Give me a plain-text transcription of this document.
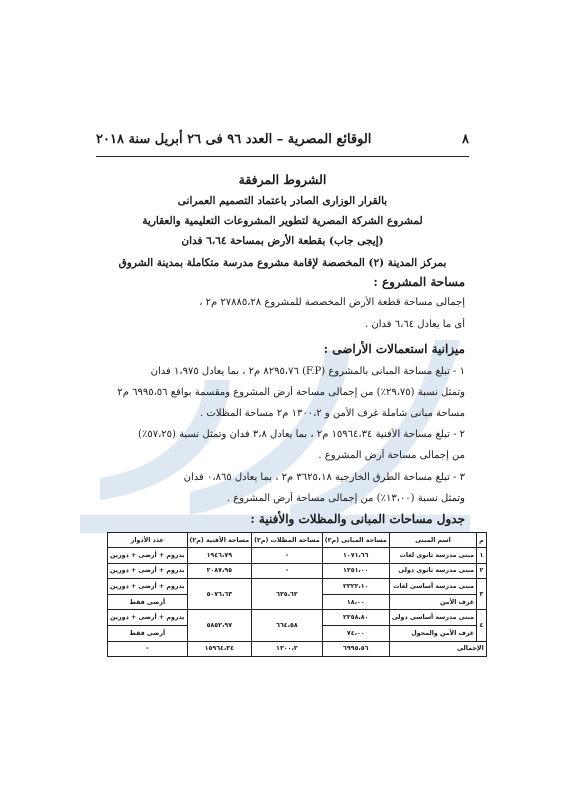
٨
الوقائع المصرية – العدد ٩٦ فى ٢٦ أبريل سنة ٢٠١٨
الشروط المرفقة
بالقرار الوزارى الصادر باعتماد التصميم العمرانى
لمشروع الشركة المصرية لتطوير المشروعات التعليمية والعقارية
(إيجى جاب) بقطعة الأرض بمساحة ٦،٦٤ فدان
بمركز المدينة (٢) المخصصة لإقامة مشروع مدرسة متكاملة بمدينة الشروق
مساحة المشروع :
إجمالى مساحة قطعة الأرض المخصصة للمشروع ٢٧٨٨٥،٢٨ م٢ ،
أى ما يعادل ٦،٦٤ فدان .
ميزانية استعمالات الأراضى :
١ - تبلغ مساحة المبانى بالمشروع (F.P) ٨٢٩٥،٧٦ م٢ ، بما يعادل ١،٩٧٥ فدان
وتمثل نسبة (٢٩،٧٥٪) من إجمالى مساحة أرض المشروع ومقسمة بواقع ٦٩٩٥،٥٦ م٢
مساحة مبانى شاملة غرف الأمن و ١٣٠٠،٢ م٢ مساحة المظلات .
٢ - تبلغ مساحة الأفنية ١٥٩٦٤،٣٤ م٢ ، بما يعادل ٣،٨ فدان وتمثل نسبة (٥٧،٢٥٪)
من إجمالى مساحة أرض المشروع .
٣ - تبلغ مساحة الطرق الخارجية ٣٦٢٥،١٨ م٢ ، بما يعادل ٠،٨٦٥ فدان
وتمثل نسبة (١٣،٠٠٪) من إجمالى مساحة أرض المشروع .
جدول مساحات المبانى والمظلات والأفنية :
م	اسم المبنى	مساحة المبانى (م٢)	مساحة المظلات (م٢)	مساحة الأفنية (م٢)	عدد الأدوار
١	مبنى مدرسة ثانوى لغات	١٠٧١،٦٦	-	١٩٤٦،٧٩	بدروم + أرضى + دورين
٢	مبنى مدرسة ثانوى دولى	١٢٥١،٠٠	-	٢٠٨٧،٩٥	بدروم + أرضى + دورين
٣	مبنى مدرسة أساسى لغات	٢٣٢٢،١٠	٦٣٥،٦٢	٥٠٧٦،٦٣	بدروم + أرضى + دورين
	غرف الأمن	١٨،٠٠			أرضى فقط
٤	مبنى مدرسة أساسى دولى	٢٢٥٨،٨٠	٦٦٤،٥٨	٥٨٥٢،٩٧	بدروم + أرضى + دورين
	غرف الأمن والمحول	٧٤،٠٠			أرضى فقط
الإجمالى		٦٩٩٥،٥٦	١٣٠٠،٢	١٥٩٦٤،٣٤	-
